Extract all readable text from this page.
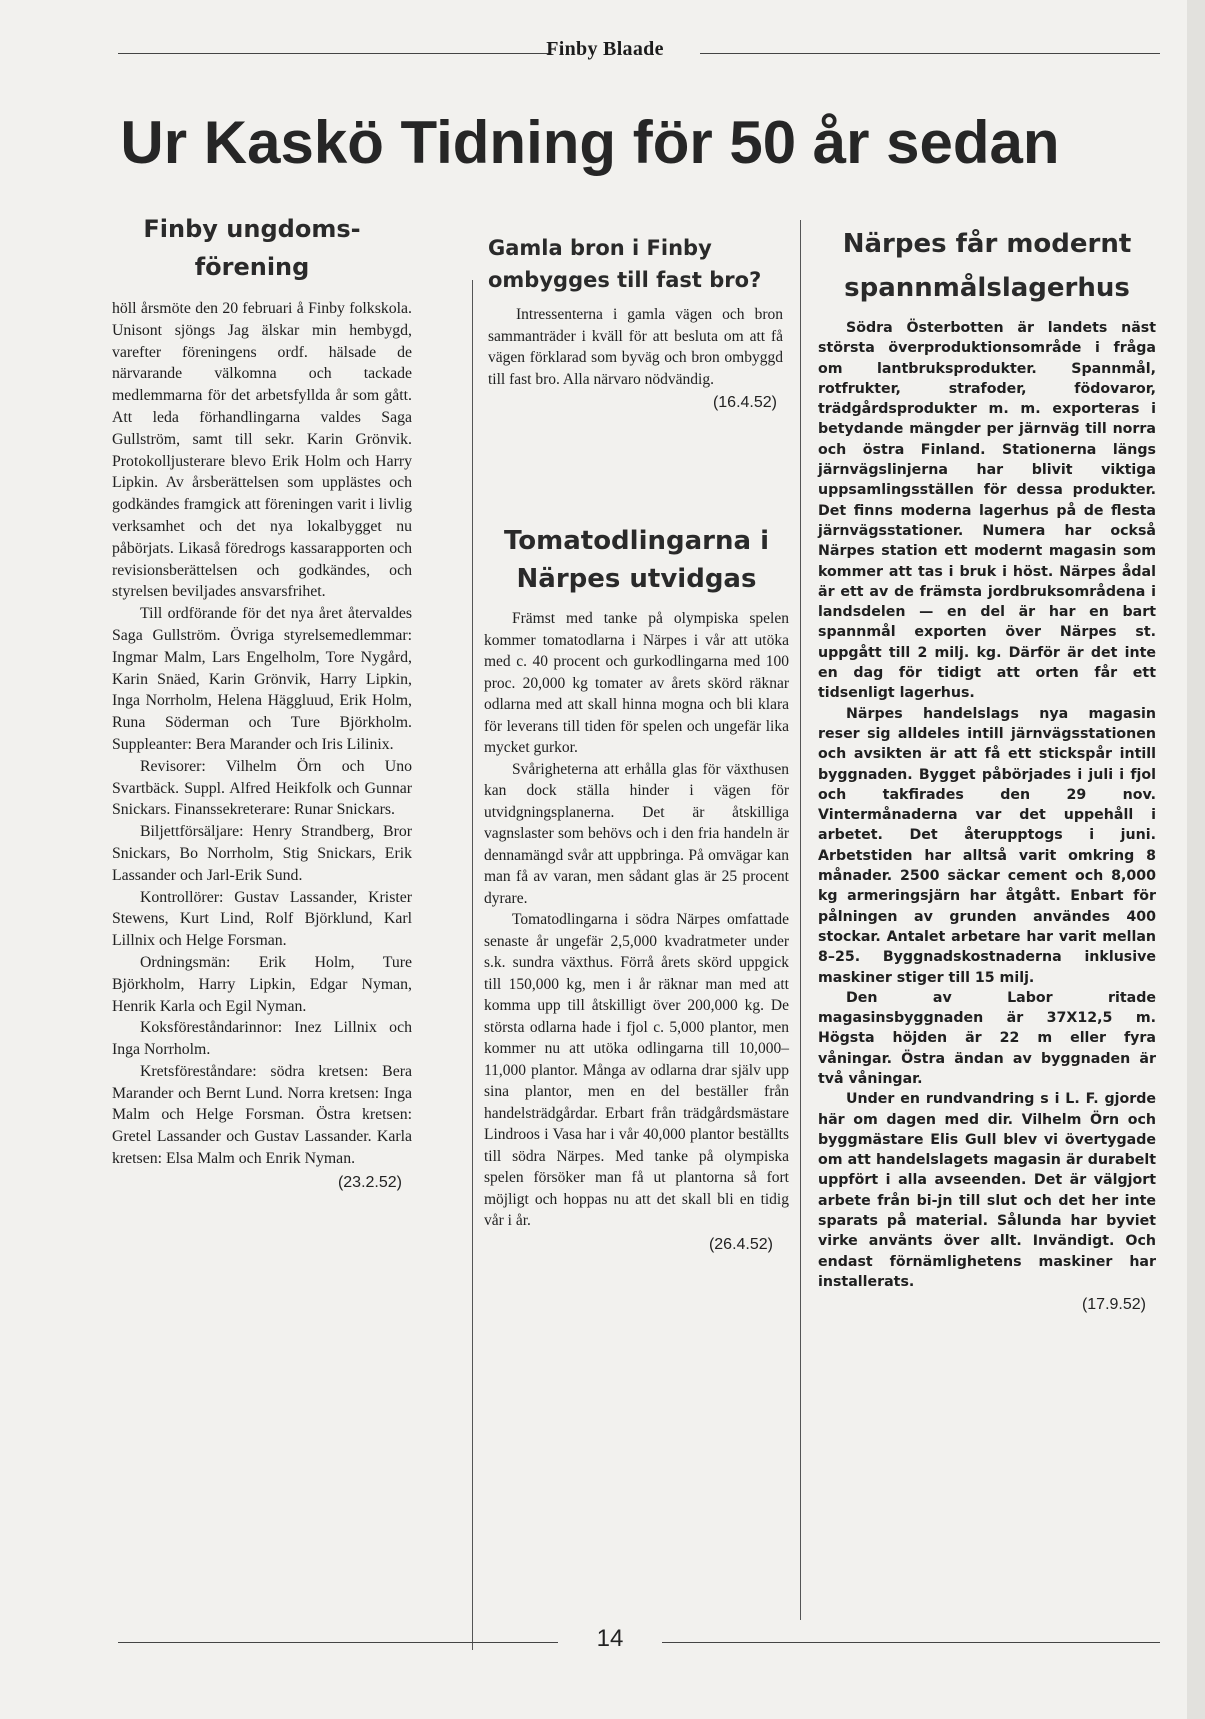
Finby Blaade
Ur Kaskö Tidning för 50 år sedan
Finby ungdoms-
förening

höll årsmöte den 20 februari å Finby folkskola. Unisont sjöngs Jag älskar min hembygd, varefter föreningens ordf. hälsade de närvarande välkomna och tackade medlemmarna för det arbetsfyllda år som gått. Att leda förhandlingarna valdes Saga Gullström, samt till sekr. Karin Grönvik. Protokolljusterare blevo Erik Holm och Harry Lipkin. Av årsberättelsen som upplästes och godkändes framgick att föreningen varit i livlig verksamhet och det nya lokalbygget nu påbörjats. Likaså föredrogs kassarapporten och revisionsberättelsen och godkändes, och styrelsen beviljades ansvarsfrihet.

Till ordförande för det nya året återvaldes Saga Gullström. Övriga styrelsemedlemmar: Ingmar Malm, Lars Engelholm, Tore Nygård, Karin Snäed, Karin Grönvik, Harry Lipkin, Inga Norrholm, Helena Häggluud, Erik Holm, Runa Söderman och Ture Björkholm. Suppleanter: Bera Marander och Iris Lilinix.

Revisorer: Vilhelm Örn och Uno Svartbäck. Suppl. Alfred Heikfolk och Gunnar Snickars. Finanssekreterare: Runar Snickars.

Biljettförsäljare: Henry Strandberg, Bror Snickars, Bo Norrholm, Stig Snickars, Erik Lassander och Jarl-Erik Sund.

Kontrollörer: Gustav Lassander, Krister Stewens, Kurt Lind, Rolf Björklund, Karl Lillnix och Helge Forsman.

Ordningsmän: Erik Holm, Ture Björkholm, Harry Lipkin, Edgar Nyman, Henrik Karla och Egil Nyman.

Koksföreståndarinnor: Inez Lillnix och Inga Norrholm.

Kretsföreståndare: södra kretsen: Bera Marander och Bernt Lund. Norra kretsen: Inga Malm och Helge Forsman. Östra kretsen: Gretel Lassander och Gustav Lassander. Karla kretsen: Elsa Malm och Enrik Nyman.

(23.2.52)
Gamla bron i Finby
ombygges till fast bro?

Intressenterna i gamla vägen och bron sammanträder i kväll för att besluta om att få vägen förklarad som byväg och bron ombyggd till fast bro. Alla närvaro nödvändig.

(16.4.52)
Tomatodlingarna i
Närpes utvidgas

Främst med tanke på olympiska spelen kommer tomatodlarna i Närpes i vår att utöka med c. 40 procent och gurkodlingarna med 100 proc. 20,000 kg tomater av årets skörd räknar odlarna med att skall hinna mogna och bli klara för leverans till tiden för spelen och ungefär lika mycket gurkor.

Svårigheterna att erhålla glas för växthusen kan dock ställa hinder i vägen för utvidgningsplanerna. Det är åtskilliga vagnslaster som behövs och i den fria handeln är dennamängd svår att uppbringa. På omvägar kan man få av varan, men sådant glas är 25 procent dyrare.

Tomatodlingarna i södra Närpes omfattade senaste år ungefär 2,5,000 kvadratmeter under s.k. sundra växthus. Förrå årets skörd uppgick till 150,000 kg, men i år räknar man med att komma upp till åtskilligt över 200,000 kg. De största odlarna hade i fjol c. 5,000 plantor, men kommer nu att utöka odlingarna till 10,000–11,000 plantor. Många av odlarna drar själv upp sina plantor, men en del beställer från handelsträdgårdar. Erbart från trädgårdsmästare Lindroos i Vasa har i vår 40,000 plantor beställts till södra Närpes. Med tanke på olympiska spelen försöker man få ut plantorna så fort möjligt och hoppas nu att det skall bli en tidig vår i år.

(26.4.52)
Närpes får modernt
spannmålslagerhus

Södra Österbotten är landets näst största överproduktionsområde i fråga om lantbruksprodukter. Spannmål, rotfrukter, strafoder, födovaror, trädgårdsprodukter m. m. exporteras i betydande mängder per järnväg till norra och östra Finland. Stationerna längs järnvägslinjerna har blivit viktiga uppsamlingsställen för dessa produkter. Det finns moderna lagerhus på de flesta järnvägsstationer. Numera har också Närpes station ett modernt magasin som kommer att tas i bruk i höst. Närpes ådal är ett av de främsta jordbruksområdena i landsdelen — en del är har en bart spannmål exporten över Närpes st. uppgått till 2 milj. kg. Därför är det inte en dag för tidigt att orten får ett tidsenligt lagerhus.

Närpes handelslags nya magasin reser sig alldeles intill järnvägsstationen och avsikten är att få ett stickspår intill byggnaden. Bygget påbörjades i juli i fjol och takfirades den 29 nov. Vintermånaderna var det uppehåll i arbetet. Det återupptogs i juni. Arbetstiden har alltså varit omkring 8 månader. 2500 säckar cement och 8,000 kg armeringsjärn har åtgått. Enbart för pålningen av grunden användes 400 stockar. Antalet arbetare har varit mellan 8–25. Byggnadskostnaderna inklusive maskiner stiger till 15 milj.

Den av Labor ritade magasinsbyggnaden är 37X12,5 m. Högsta höjden är 22 m eller fyra våningar. Östra ändan av byggnaden är två våningar.

Under en rundvandring s i L. F. gjorde här om dagen med dir. Vilhelm Örn och byggmästare Elis Gull blev vi övertygade om att handelslagets magasin är durabelt uppfört i alla avseenden. Det är välgjort arbete från bi-jn till slut och det her inte sparats på material. Sålunda har byviet virke använts över allt. Invändigt. Och endast förnämlighetens maskiner har installerats.

(17.9.52)
14
